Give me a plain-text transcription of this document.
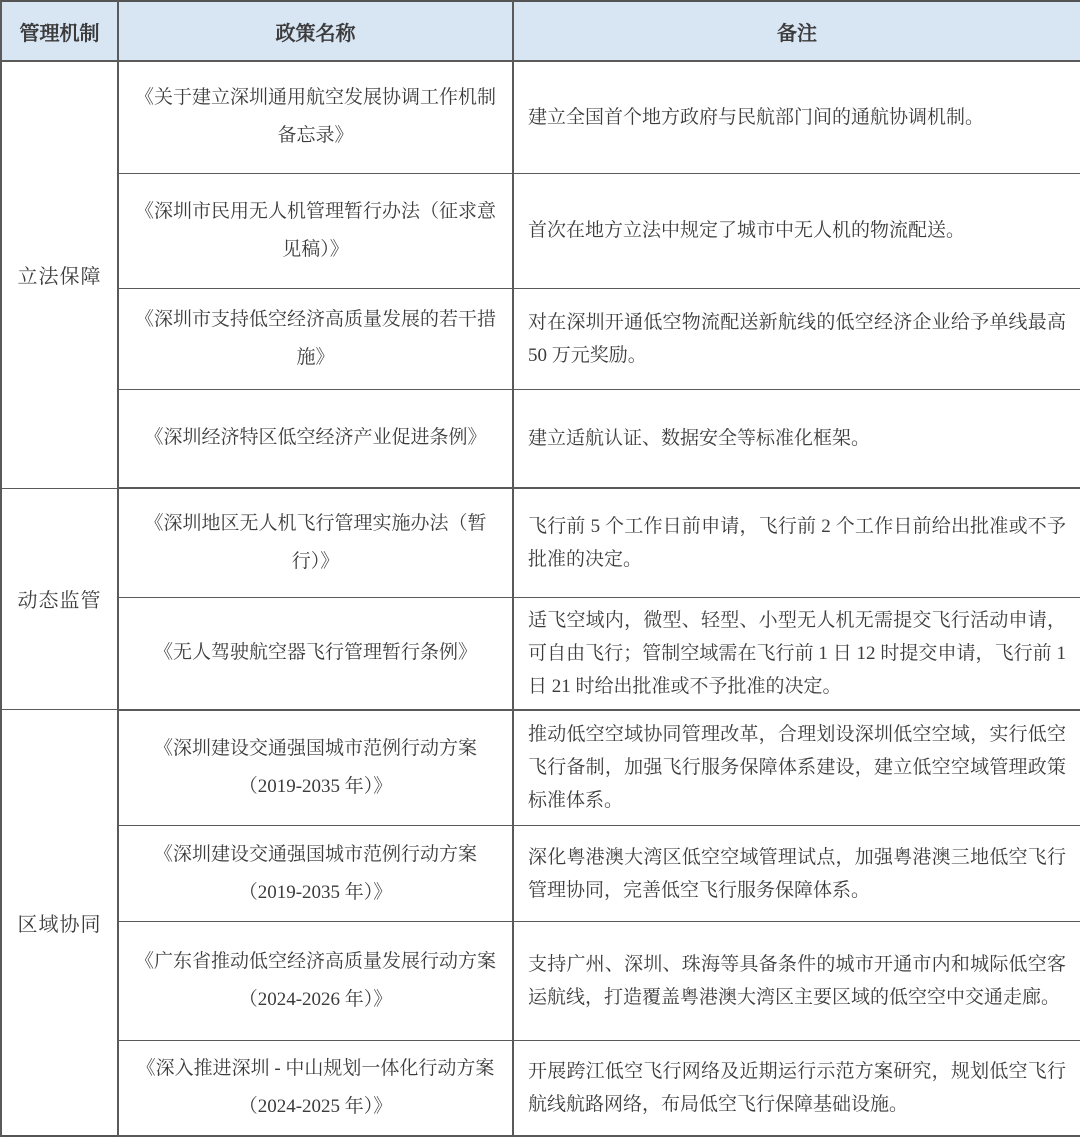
管理机制	政策名称	备注
立法保障	《关于建立深圳通用航空发展协调工作机制备忘录》	建立全国首个地方政府与民航部门间的通航协调机制。
	《深圳市民用无人机管理暂行办法（征求意见稿）》	首次在地方立法中规定了城市中无人机的物流配送。
	《深圳市支持低空经济高质量发展的若干措施》	对在深圳开通低空物流配送新航线的低空经济企业给予单线最高 50 万元奖励。
	《深圳经济特区低空经济产业促进条例》	建立适航认证、数据安全等标准化框架。
动态监管	《深圳地区无人机飞行管理实施办法（暂行）》	飞行前 5 个工作日前申请，飞行前 2 个工作日前给出批准或不予批准的决定。
	《无人驾驶航空器飞行管理暂行条例》	适飞空域内，微型、轻型、小型无人机无需提交飞行活动申请，可自由飞行；管制空域需在飞行前 1 日 12 时提交申请，飞行前 1 日 21 时给出批准或不予批准的决定。
区域协同	《深圳建设交通强国城市范例行动方案（2019-2035 年）》	推动低空空域协同管理改革，合理划设深圳低空空域，实行低空飞行备制，加强飞行服务保障体系建设，建立低空空域管理政策标准体系。
	《深圳建设交通强国城市范例行动方案（2019-2035 年）》	深化粤港澳大湾区低空空域管理试点，加强粤港澳三地低空飞行管理协同，完善低空飞行服务保障体系。
	《广东省推动低空经济高质量发展行动方案（2024-2026 年）》	支持广州、深圳、珠海等具备条件的城市开通市内和城际低空客运航线，打造覆盖粤港澳大湾区主要区域的低空空中交通走廊。
	《深入推进深圳 - 中山规划一体化行动方案（2024-2025 年）》	开展跨江低空飞行网络及近期运行示范方案研究，规划低空飞行航线航路网络，布局低空飞行保障基础设施。
